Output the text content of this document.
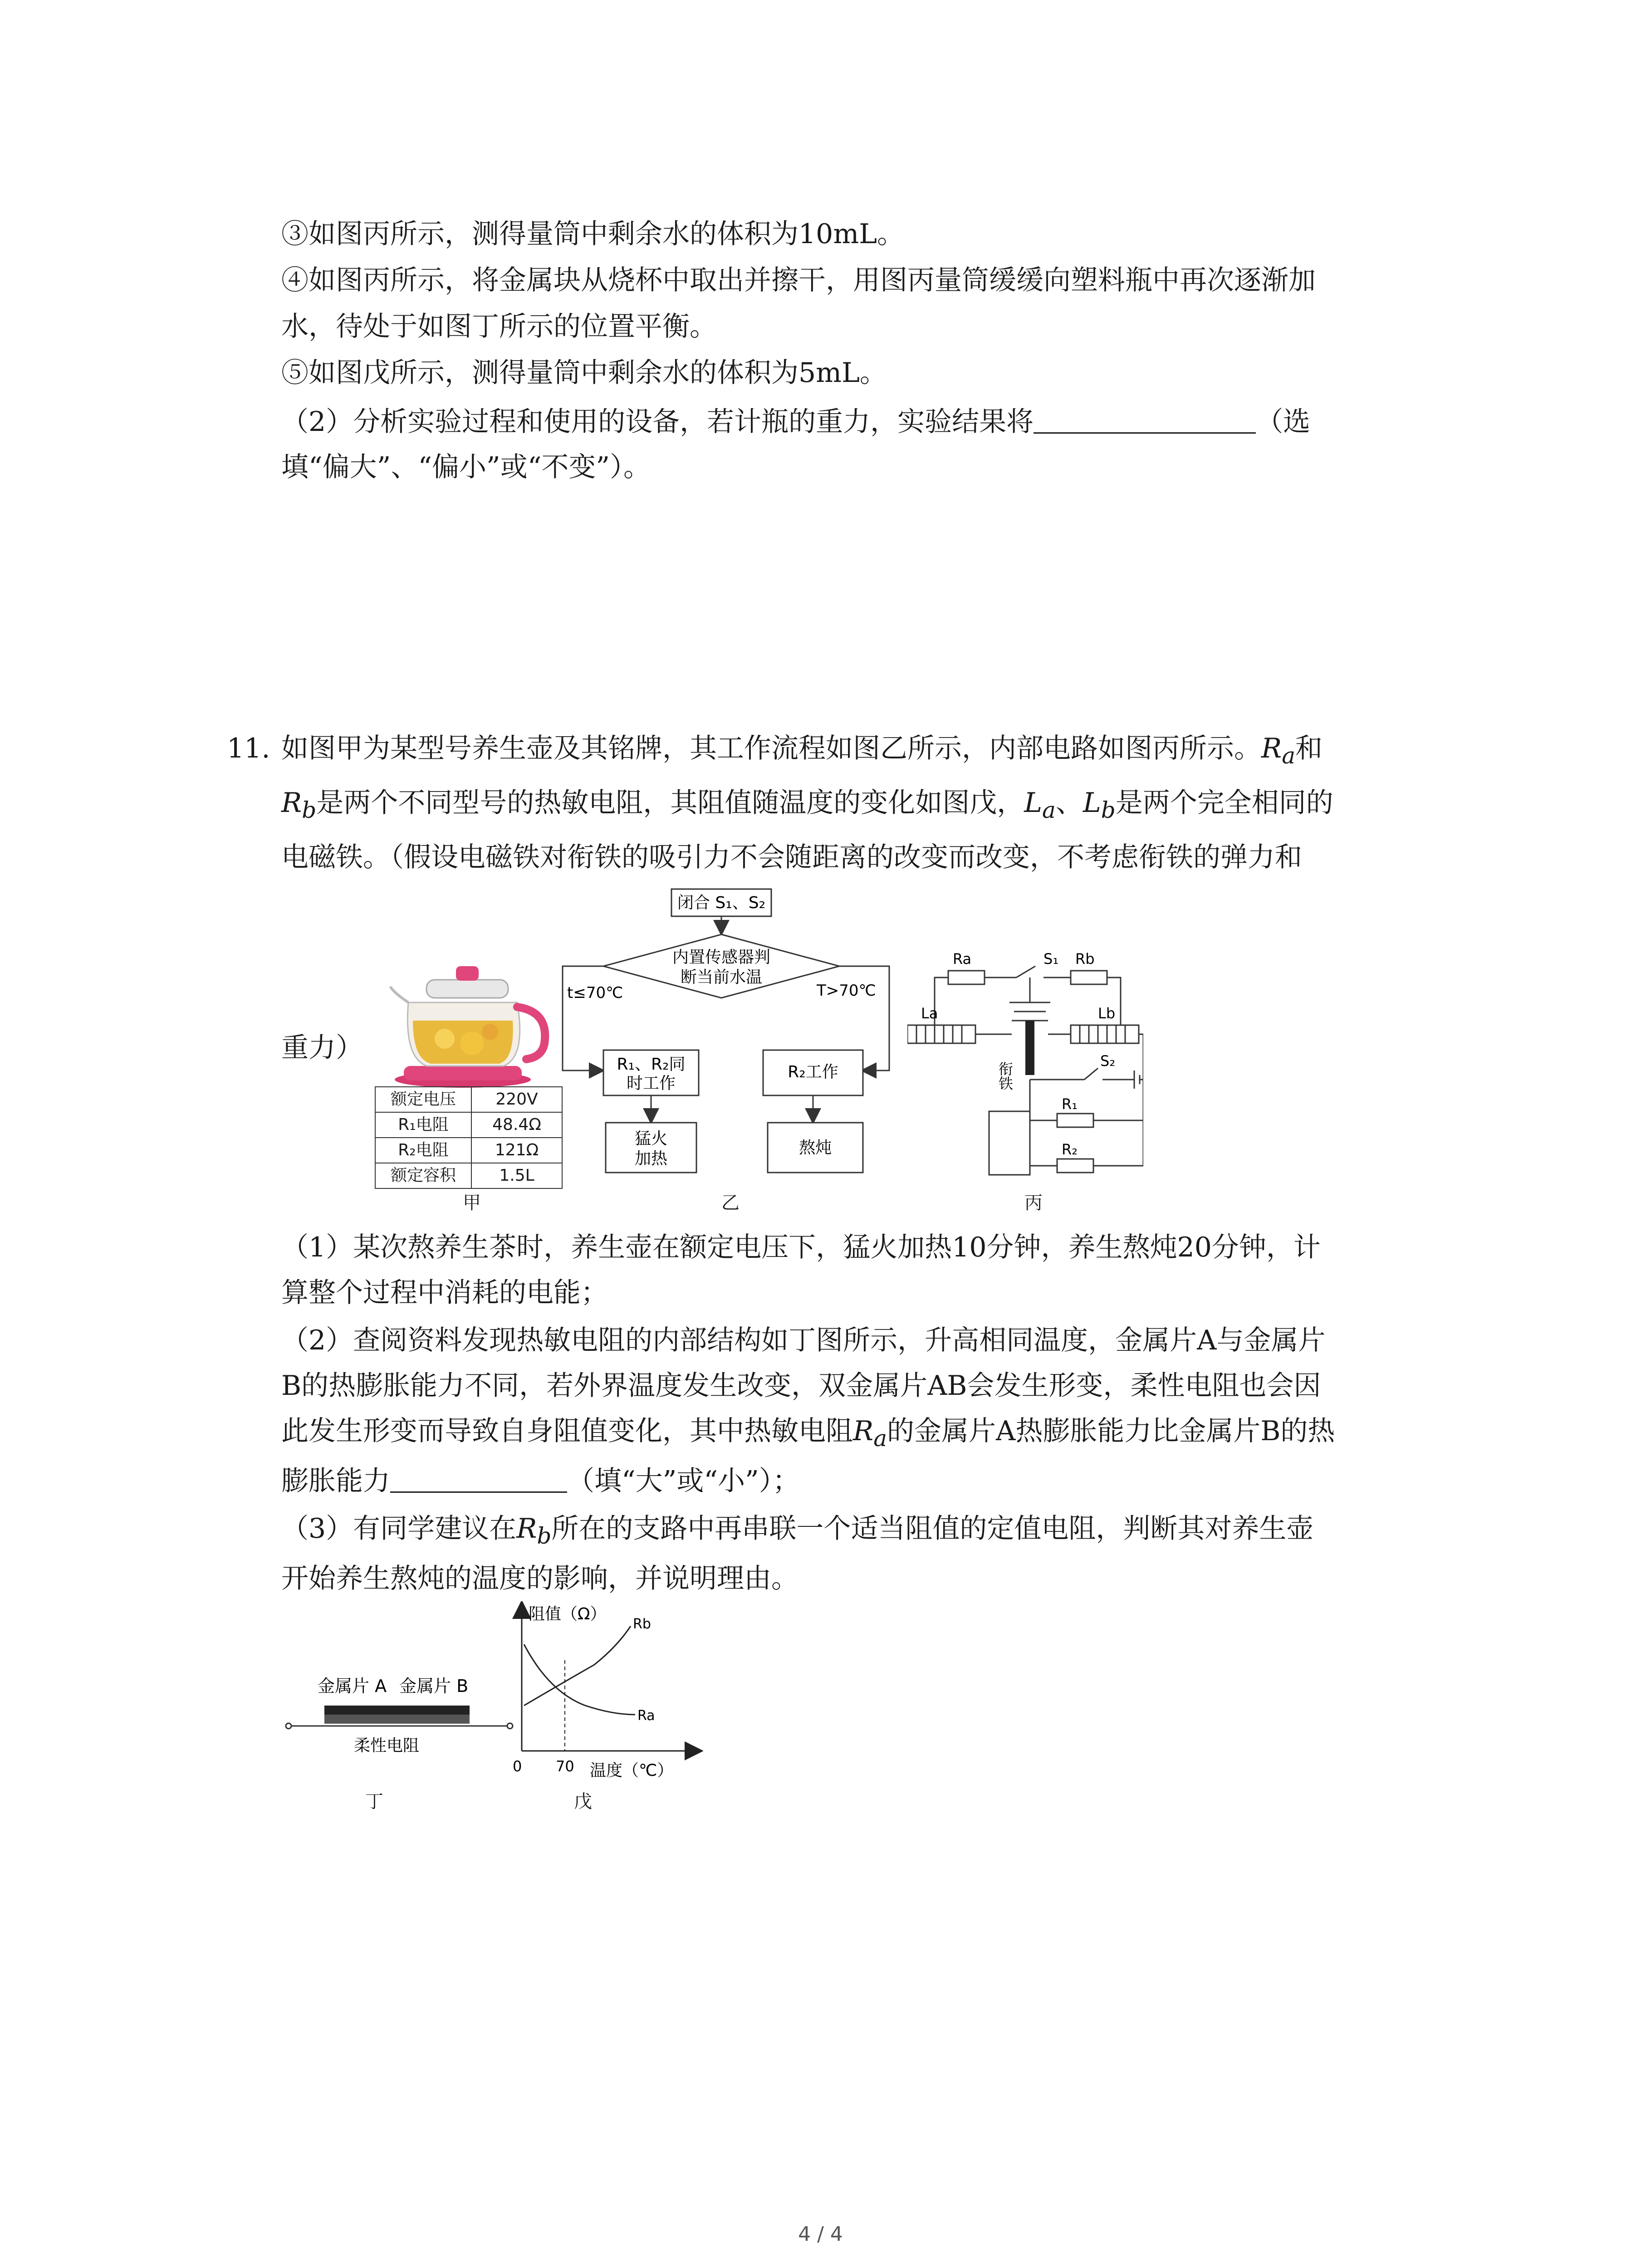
③如图丙所示，测得量筒中剩余水的体积为10mL。
④如图丙所示，将金属块从烧杯中取出并擦干，用图丙量筒缓缓向塑料瓶中再次逐渐加
水，待处于如图丁所示的位置平衡。
⑤如图戊所示，测得量筒中剩余水的体积为5mL。
（2）分析实验过程和使用的设备，若计瓶的重力，实验结果将	（选
填“偏大”、“偏小”或“不变”）。
11. 如图甲为某型号养生壶及其铭牌，其工作流程如图乙所示，内部电路如图丙所示。$R_a$和
$R_b$是两个不同型号的热敏电阻，其阻值随温度的变化如图戊，$L_a$、$L_b$是两个完全相同的
电磁铁。（假设电磁铁对衔铁的吸引力不会随距离的改变而改变，不考虑衔铁的弹力和
重力）
额定电压	220V
R₁电阻	48.4Ω
R₂电阻	121Ω
额定容积	1.5L
甲
闭合 S₁、S₂
内置传感器判
断当前水温
t≤70℃	T>70℃
R₁、R₂同
时工作
R₂工作
猛火
加热
熬炖
乙
Ra	Rb
S₁
La	Lb
衔铁
S₂
R₁
R₂
丙
（1）某次熬养生茶时，养生壶在额定电压下，猛火加热10分钟，养生熬炖20分钟，计
算整个过程中消耗的电能；
（2）查阅资料发现热敏电阻的内部结构如丁图所示，升高相同温度，金属片A与金属片
B的热膨胀能力不同，若外界温度发生改变，双金属片AB会发生形变，柔性电阻也会因
此发生形变而导致自身阻值变化，其中热敏电阻$R_a$的金属片A热膨胀能力比金属片B的热
膨胀能力	（填“大”或“小”）；
（3）有同学建议在$R_b$所在的支路中再串联一个适当阻值的定值电阻，判断其对养生壶
开始养生熬炖的温度的影响，并说明理由。
金属片 A 金属片 B
柔性电阻
丁
阻值（Ω）
0 70 温度（℃）
Rb
Ra
戊
4 / 4
